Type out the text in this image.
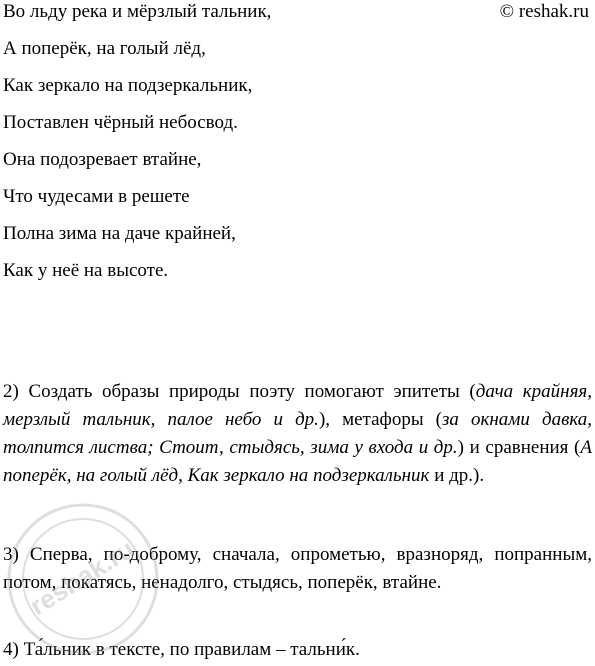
© reshak.ru
Во льду река и мёрзлый тальник,
А поперёк, на голый лёд,
Как зеркало на подзеркальник,
Поставлен чёрный небосвод.
Она подозревает втайне,
Что чудесами в решете
Полна зима на даче крайней,
Как у неё на высоте.
2) Создать образы природы поэту помогают эпитеты (дача крайняя, мерзлый тальник, палое небо и др.), метафоры (за окнами давка, толпится листва; Стоит, стыдясь, зима у входа и др.) и сравнения (А поперёк, на голый лёд, Как зеркало на подзеркальник и др.).
3) Сперва, по-доброму, сначала, опрометью, вразноряд, попранным, потом, покатясь, ненадолго, стыдясь, поперёк, втайне.
4) Та́льник в тексте, по правилам – тальни́к.
reshak.ru
